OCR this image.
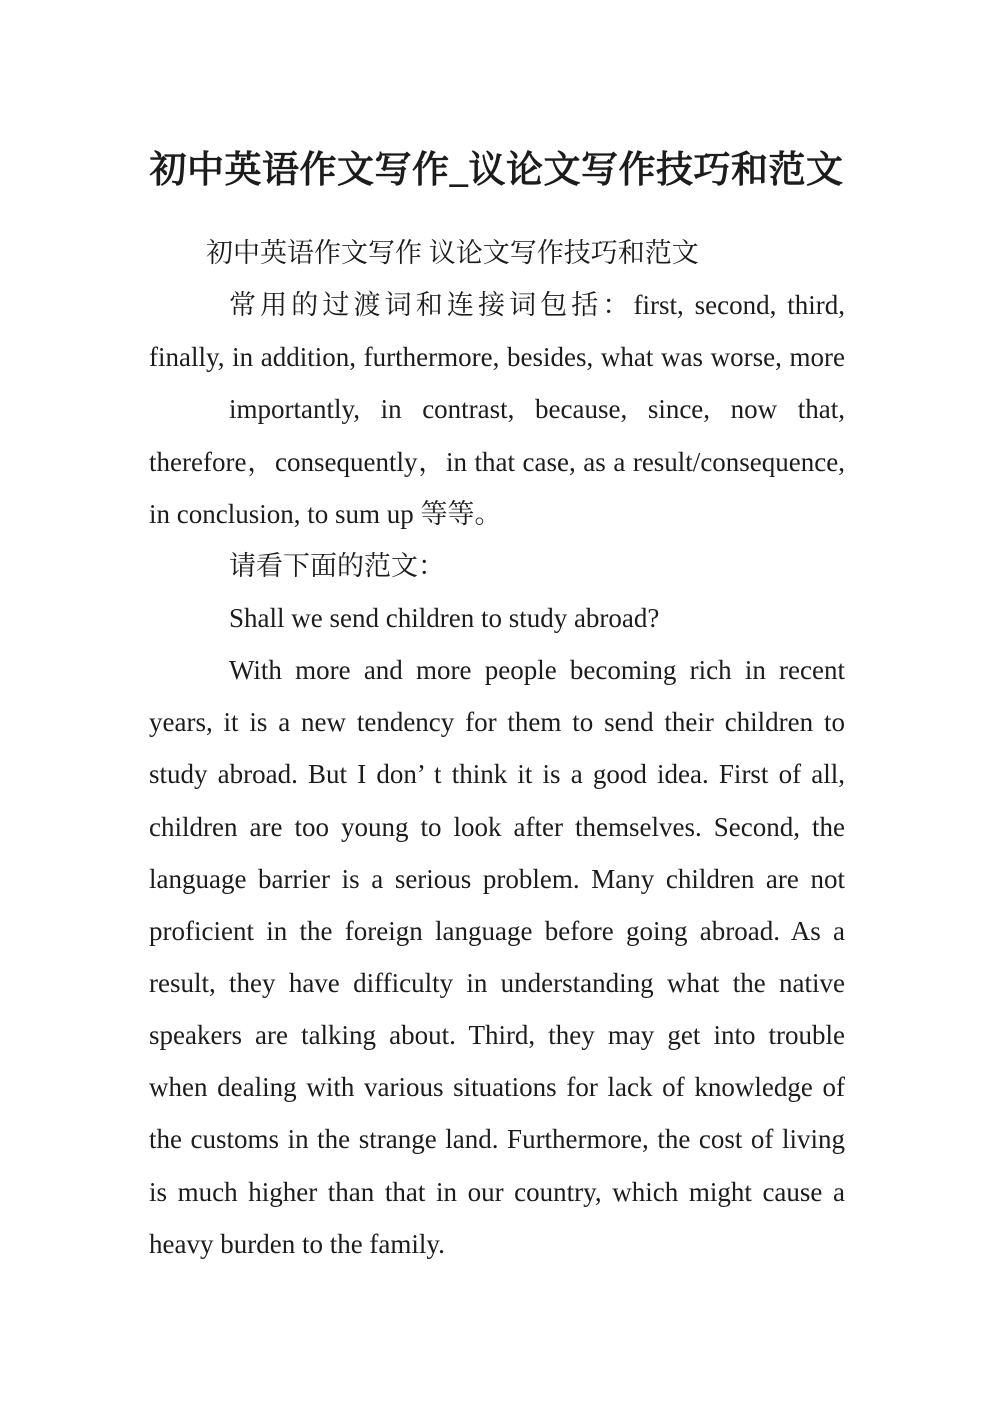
初中英语作文写作_议论文写作技巧和范文
初中英语作文写作 议论文写作技巧和范文
常用的过渡词和连接词包括：first, second, third,
finally, in addition, furthermore, besides, what was worse, more
importantly, in contrast, because, since, now that,
therefore，consequently，in that case, as a result/consequence,
in conclusion, to sum up 等等。
请看下面的范文：
Shall we send children to study abroad?
With more and more people becoming rich in recent
years, it is a new tendency for them to send their children to
study abroad. But I don’ t think it is a good idea. First of all,
children are too young to look after themselves. Second, the
language barrier is a serious problem. Many children are not
proficient in the foreign language before going abroad. As a
result, they have difficulty in understanding what the native
speakers are talking about. Third, they may get into trouble
when dealing with various situations for lack of knowledge of
the customs in the strange land. Furthermore, the cost of living
is much higher than that in our country, which might cause a
heavy burden to the family.
